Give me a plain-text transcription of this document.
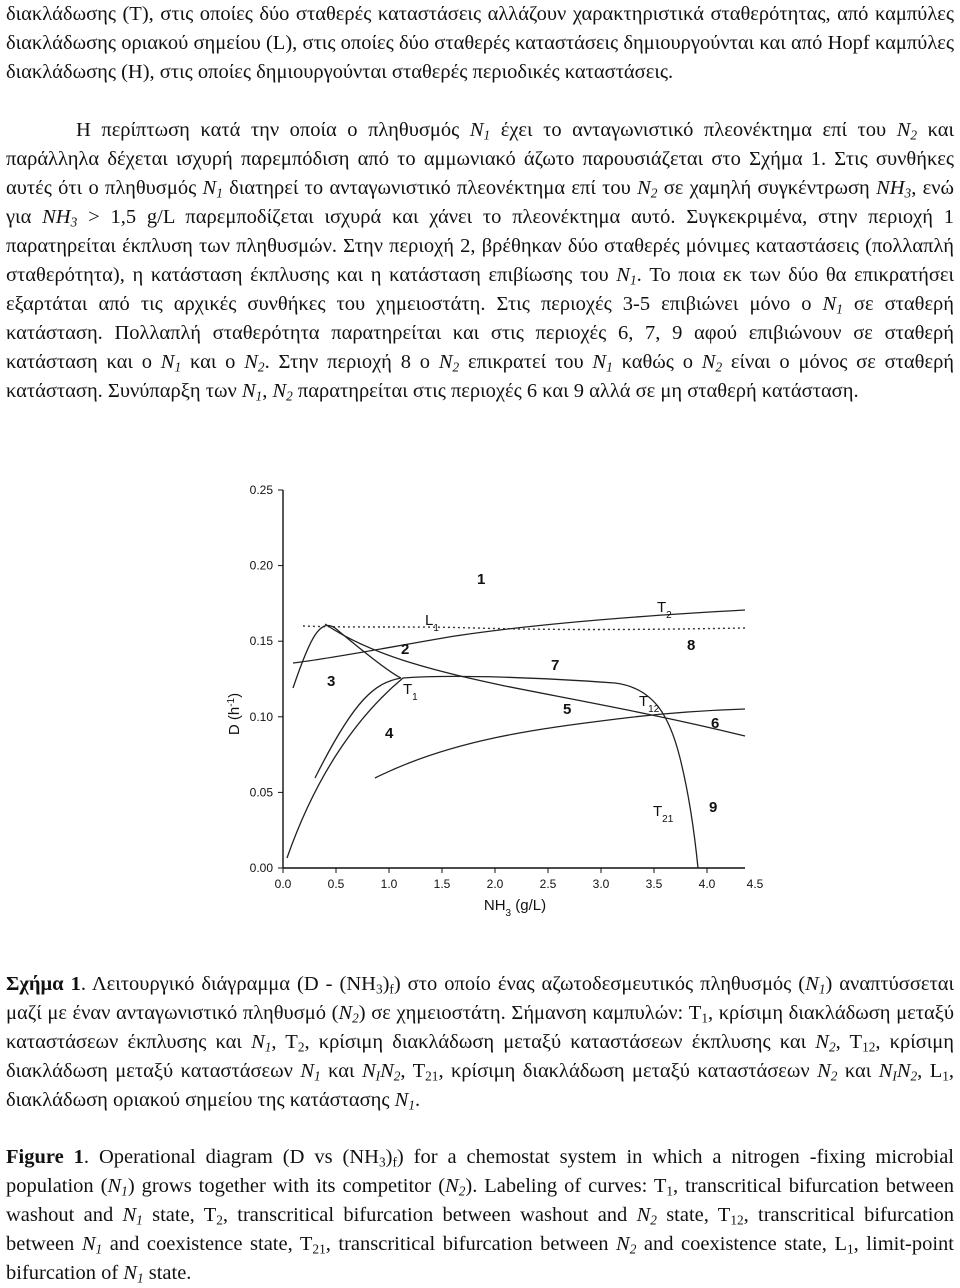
διακλάδωσης (T), στις οποίες δύο σταθερές καταστάσεις αλλάζουν χαρακτηριστικά σταθερότητας, από καμπύλες διακλάδωσης οριακού σημείου (L), στις οποίες δύο σταθερές καταστάσεις δημιουργούνται και από Hopf καμπύλες διακλάδωσης (H), στις οποίες δημιουργούνται σταθερές περιοδικές καταστάσεις.
Η περίπτωση κατά την οποία ο πληθυσμός $N_1$ έχει το ανταγωνιστικό πλεονέκτημα επί του $N_2$ και παράλληλα δέχεται ισχυρή παρεμπόδιση από το αμμωνιακό άζωτο παρουσιάζεται στο Σχήμα 1. Στις συνθήκες αυτές ότι ο πληθυσμός $N_1$ διατηρεί το ανταγωνιστικό πλεονέκτημα επί του $N_2$ σε χαμηλή συγκέντρωση $NH_3$, ενώ για $NH_3 > 1,5$ g/L παρεμποδίζεται ισχυρά και χάνει το πλεονέκτημα αυτό. Συγκεκριμένα, στην περιοχή 1 παρατηρείται έκπλυση των πληθυσμών. Στην περιοχή 2, βρέθηκαν δύο σταθερές μόνιμες καταστάσεις (πολλαπλή σταθερότητα), η κατάσταση έκπλυσης και η κατάσταση επιβίωσης του $N_1$. Το ποια εκ των δύο θα επικρατήσει εξαρτάται από τις αρχικές συνθήκες του χημειοστάτη. Στις περιοχές 3-5 επιβιώνει μόνο ο $N_1$ σε σταθερή κατάσταση. Πολλαπλή σταθερότητα παρατηρείται και στις περιοχές 6, 7, 9 αφού επιβιώνουν σε σταθερή κατάσταση και ο $N_1$ και ο $N_2$. Στην περιοχή 8 ο $N_2$ επικρατεί του $N_1$ καθώς ο $N_2$ είναι ο μόνος σε σταθερή κατάσταση. Συνύπαρξη των $N_1$, $N_2$ παρατηρείται στις περιοχές 6 και 9 αλλά σε μη σταθερή κατάσταση.
0.00
0.05
0.10
0.15
0.20
0.25
0.0	0.5	1.0	1.5	2.0	2.5	3.0	3.5	4.0	4.5
D $(h^{-1})$
$NH_3$ (g/L)
$L_1$
$T_2$
$T_1$	$T_{12}$
$T_{21}$
1
2
3
4
5
6
7
8
9
Σχήμα 1. Λειτουργικό διάγραμμα $(D - (NH_3)_f)$ στο οποίο ένας αζωτοδεσμευτικός πληθυσμός $(N_1)$ αναπτύσσεται μαζί με έναν ανταγωνιστικό πληθυσμό $(N_2)$ σε χημειοστάτη. Σήμανση καμπυλών: $T_1$, κρίσιμη διακλάδωση μεταξύ καταστάσεων έκπλυσης και $N_1$, $T_2$, κρίσιμη διακλάδωση μεταξύ καταστάσεων έκπλυσης και $N_2$, $T_{12}$, κρίσιμη διακλάδωση μεταξύ καταστάσεων $N_1$ και $N_IN_2$, $T_{21}$, κρίσιμη διακλάδωση μεταξύ καταστάσεων $N_2$ και $N_IN_2$, $L_1$, διακλάδωση οριακού σημείου της κατάστασης $N_1$.
Figure 1. Operational diagram (D vs $(NH_3)_f$) for a chemostat system in which a nitrogen -fixing microbial population $(N_1)$ grows together with its competitor $(N_2)$. Labeling of curves: $T_1$, transcritical bifurcation between washout and $N_1$ state, $T_2$, transcritical bifurcation between washout and $N_2$ state, $T_{12}$, transcritical bifurcation between $N_1$ and coexistence state, $T_{21}$, transcritical bifurcation between $N_2$ and coexistence state, $L_1$, limit-point bifurcation of $N_1$ state.
